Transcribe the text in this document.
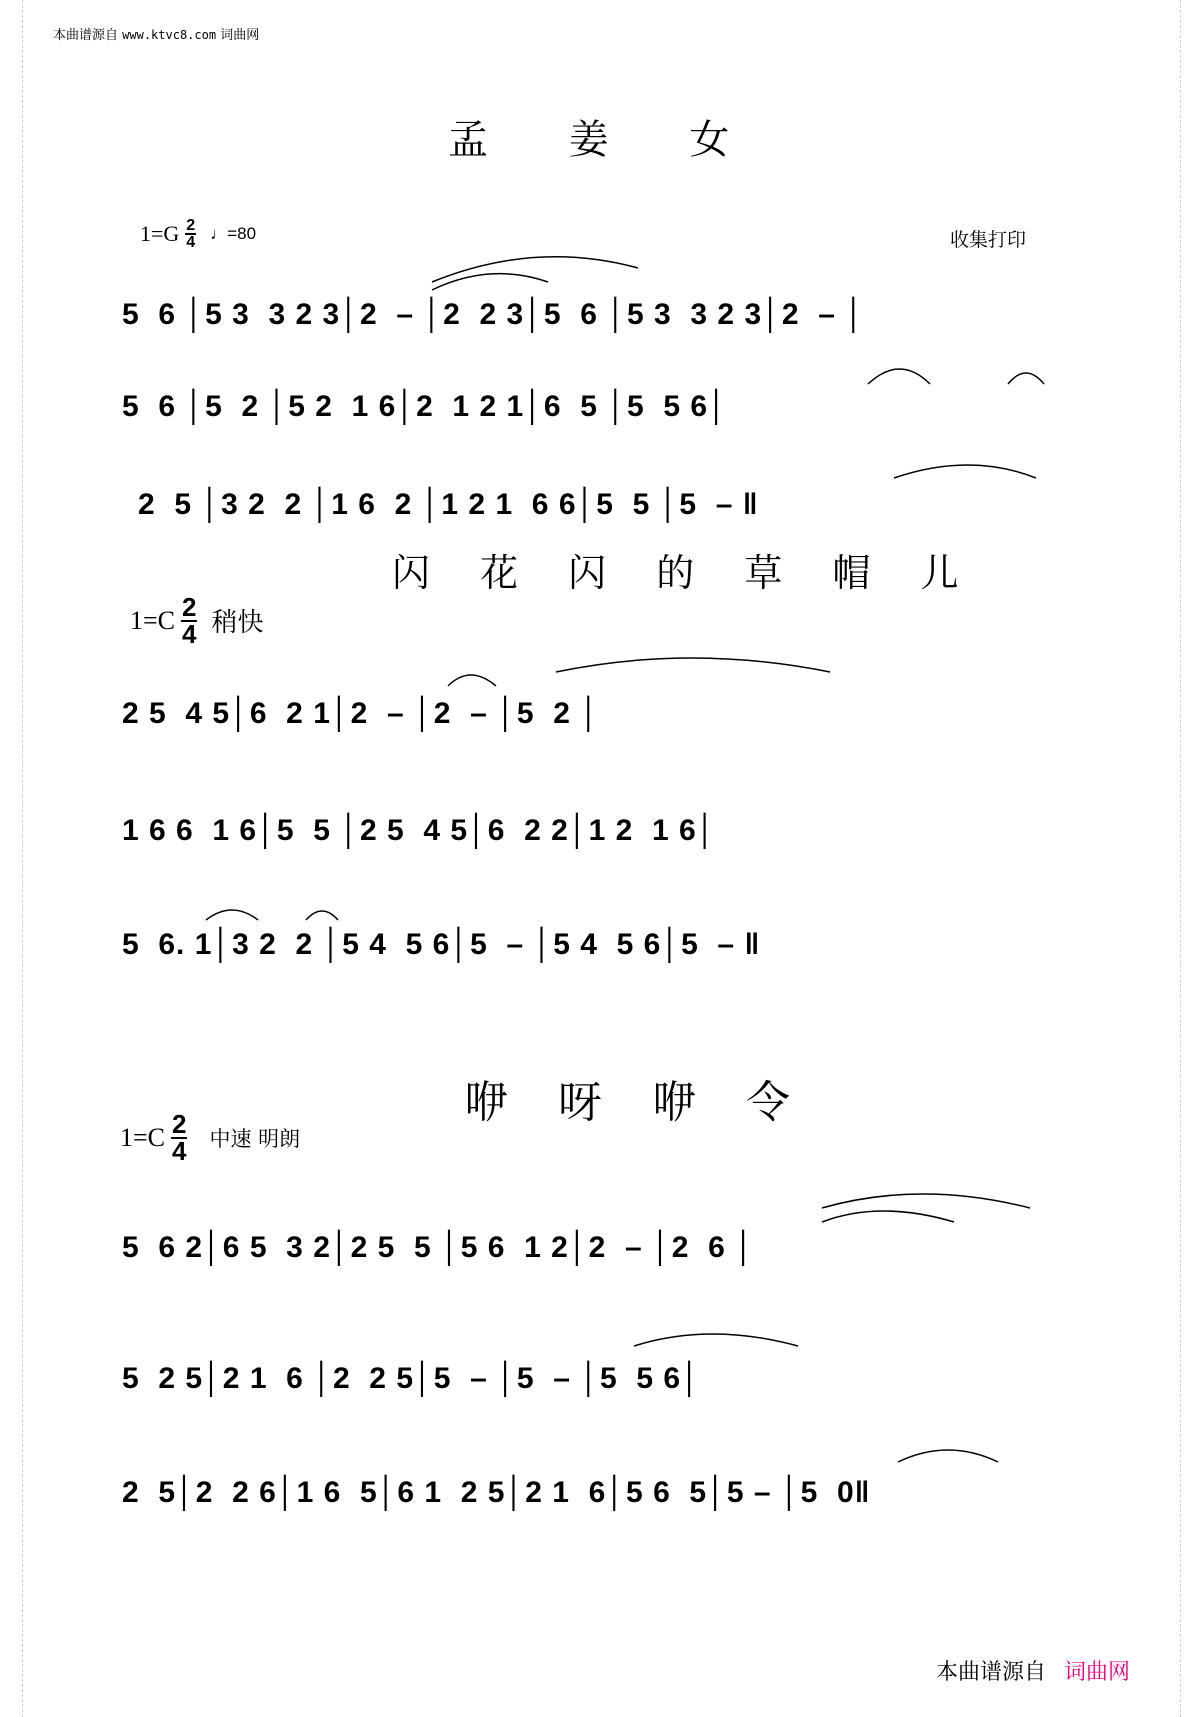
本曲谱源自 www.ktvc8.com 词曲网
孟 姜 女
$1=G \frac{2}{4}$ ♩=80	收集打印
5  6 │5 3  3 2 3│2  – │2  2 3│5  6 │5 3  3 2 3│2  – │
5  6 │5  2 │5 2  1 6│2  1 2 1│6  5 │5  5 6│
2  5 │3 2  2 │1 6  2 │1 2 1  6 6│5  5 │5  – ‖
闪 花 闪 的 草 帽 儿
$1=C \frac{2}{4}$ 稍快
2 5  4 5│6  2 1│2  – │2  – │5  2 │
1 6 6  1 6│5  5 │2 5  4 5│6  2 2│1 2  1 6│
5  6. 1│3 2  2 │5 4  5 6│5  – │5 4  5 6│5  – ‖
咿 呀 咿 令
$1=C \frac{2}{4}$ 中速 明朗
5  6 2│6 5  3 2│2 5  5 │5 6  1 2│2  – │2  6 │
5  2 5│2 1  6 │2  2 5│5  – │5  – │5  5 6│
2  5│2  2 6│1 6  5│6 1  2 5│2 1  6│5 6  5│5 – │5  0‖
本曲谱源自 词曲网
